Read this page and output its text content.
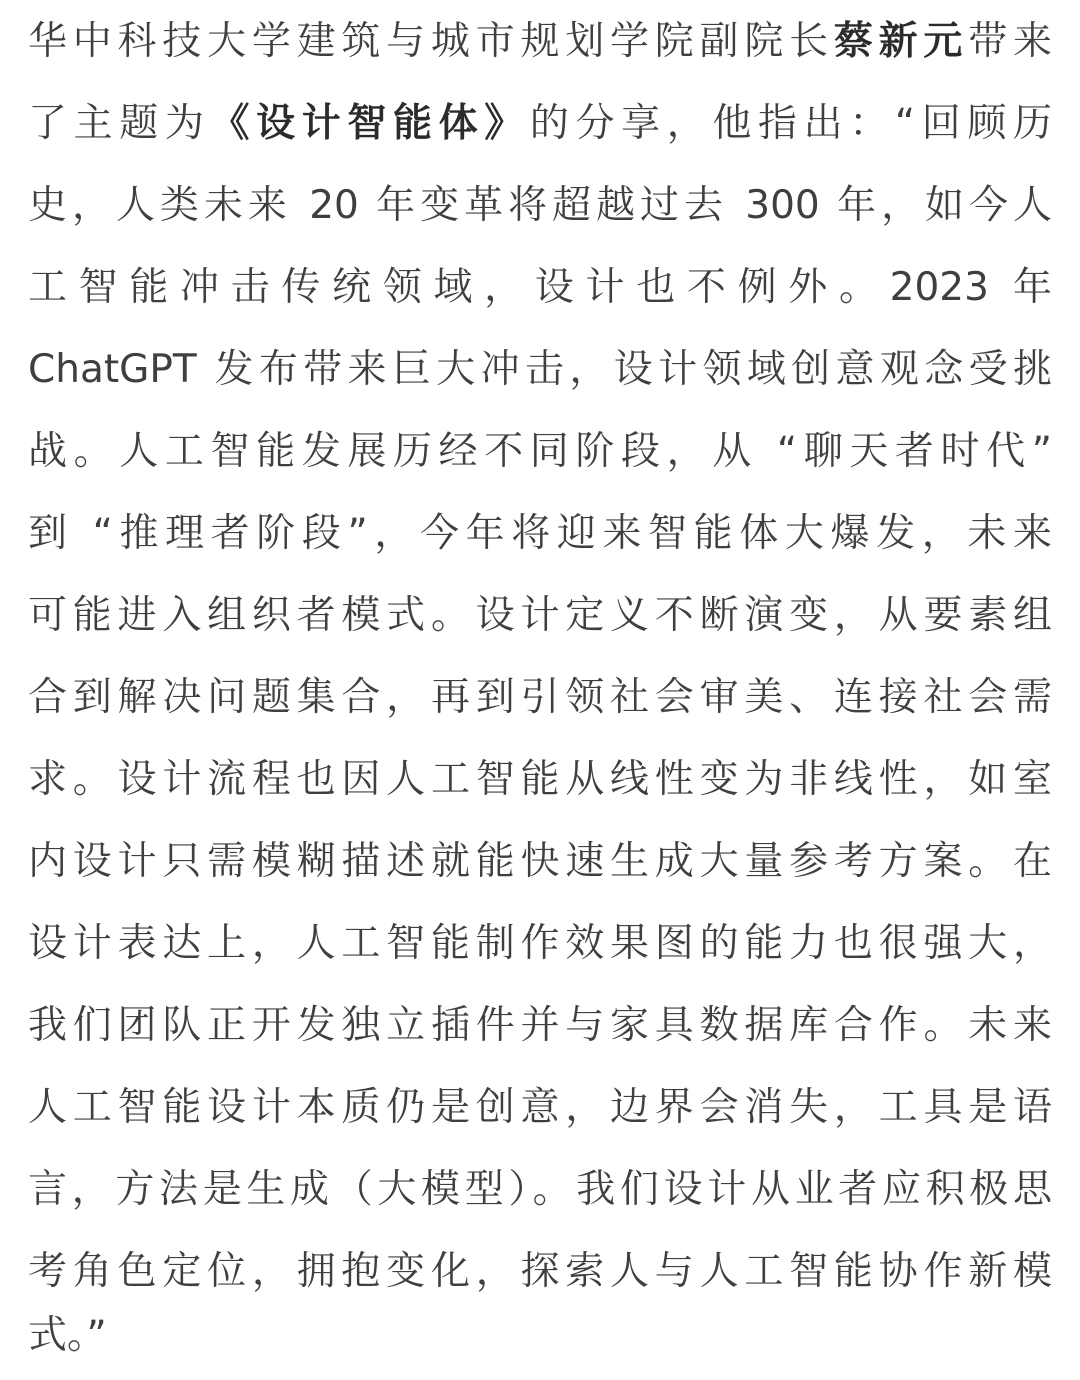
华中科技大学建筑与城市规划学院副院长蔡新元带来
了主题为《设计智能体》的分享，他指出：“回顾历
史，人类未来 20 年变革将超越过去 300 年，如今人
工智能冲击传统领域，设计也不例外。2023 年
ChatGPT 发布带来巨大冲击，设计领域创意观念受挑
战。人工智能发展历经不同阶段，从 “聊天者时代”
到 “推理者阶段”，今年将迎来智能体大爆发，未来
可能进入组织者模式。设计定义不断演变，从要素组
合到解决问题集合，再到引领社会审美、连接社会需
求。设计流程也因人工智能从线性变为非线性，如室
内设计只需模糊描述就能快速生成大量参考方案。在
设计表达上，人工智能制作效果图的能力也很强大，
我们团队正开发独立插件并与家具数据库合作。未来
人工智能设计本质仍是创意，边界会消失，工具是语
言，方法是生成（大模型）。我们设计从业者应积极思
考角色定位，拥抱变化，探索人与人工智能协作新模
式。”
